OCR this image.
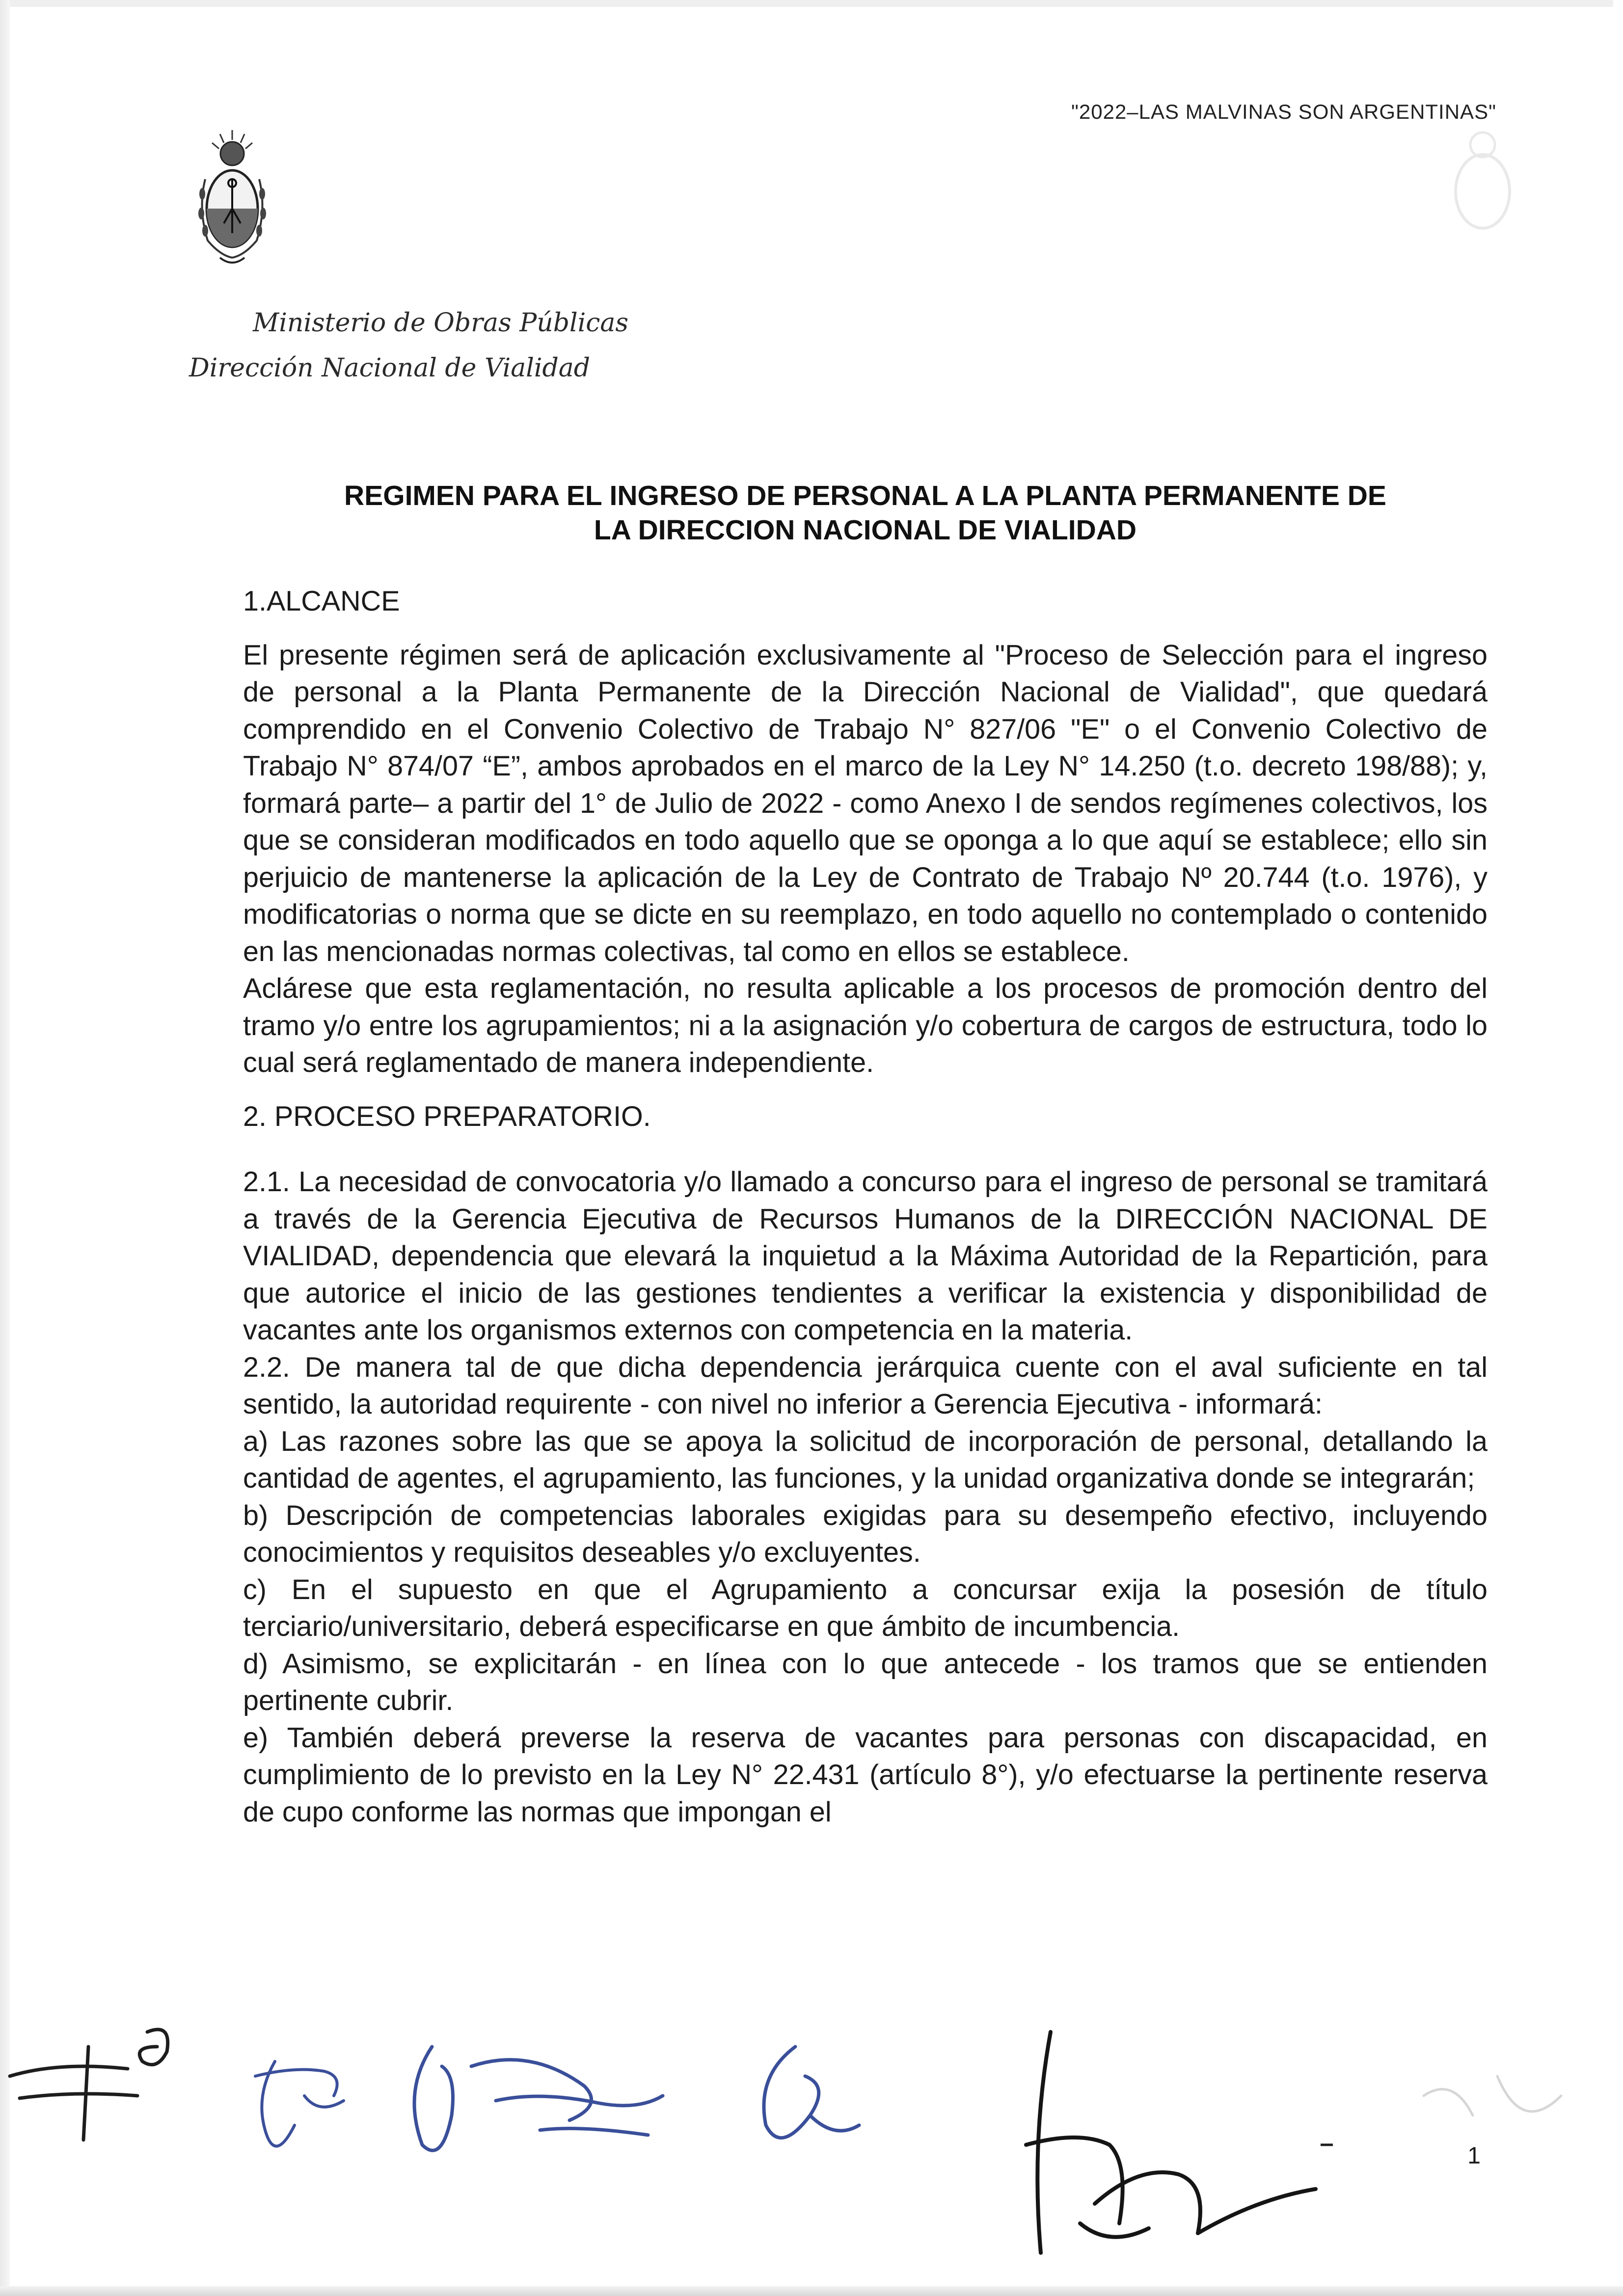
"2022–LAS MALVINAS SON ARGENTINAS"
Ministerio de Obras Públicas
Dirección Nacional de Vialidad
REGIMEN PARA EL INGRESO DE PERSONAL A LA PLANTA PERMANENTE DE
LA DIRECCION NACIONAL DE VIALIDAD
1.ALCANCE

El presente régimen será de aplicación exclusivamente al "Proceso de Selección para el ingreso de personal a la Planta Permanente de la Dirección Nacional de Vialidad", que quedará comprendido en el Convenio Colectivo de Trabajo N° 827/06 "E" o el Convenio Colectivo de Trabajo N° 874/07 “E”, ambos aprobados en el marco de la Ley N° 14.250 (t.o. decreto 198/88); y, formará parte– a partir del 1° de Julio de 2022 - como Anexo I de sendos regímenes colectivos, los que se consideran modificados en todo aquello que se oponga a lo que aquí se establece; ello sin perjuicio de mantenerse la aplicación de la Ley de Contrato de Trabajo Nº 20.744 (t.o. 1976), y modificatorias o norma que se dicte en su reemplazo, en todo aquello no contemplado o contenido en las mencionadas normas colectivas, tal como en ellos se establece.

Aclárese que esta reglamentación, no resulta aplicable a los procesos de promoción dentro del tramo y/o entre los agrupamientos; ni a la asignación y/o cobertura de cargos de estructura, todo lo cual será reglamentado de manera independiente.

2. PROCESO PREPARATORIO.

2.1. La necesidad de convocatoria y/o llamado a concurso para el ingreso de personal se tramitará a través de la Gerencia Ejecutiva de Recursos Humanos de la DIRECCIÓN NACIONAL DE VIALIDAD, dependencia que elevará la inquietud a la Máxima Autoridad de la Repartición, para que autorice el inicio de las gestiones tendientes a verificar la existencia y disponibilidad de vacantes ante los organismos externos con competencia en la materia.

2.2. De manera tal de que dicha dependencia jerárquica cuente con el aval suficiente en tal sentido, la autoridad requirente - con nivel no inferior a Gerencia Ejecutiva - informará:

a) Las razones sobre las que se apoya la solicitud de incorporación de personal, detallando la cantidad de agentes, el agrupamiento, las funciones, y la unidad organizativa donde se integrarán;

b) Descripción de competencias laborales exigidas para su desempeño efectivo, incluyendo conocimientos y requisitos deseables y/o excluyentes.

c) En el supuesto en que el Agrupamiento a concursar exija la posesión de título terciario/universitario, deberá especificarse en que ámbito de incumbencia.

d) Asimismo, se explicitarán - en línea con lo que antecede - los tramos que se entienden pertinente cubrir.

e) También deberá preverse la reserva de vacantes para personas con discapacidad, en cumplimiento de lo previsto en la Ley N° 22.431 (artículo 8°), y/o efectuarse la pertinente reserva de cupo conforme las normas que impongan el

1
